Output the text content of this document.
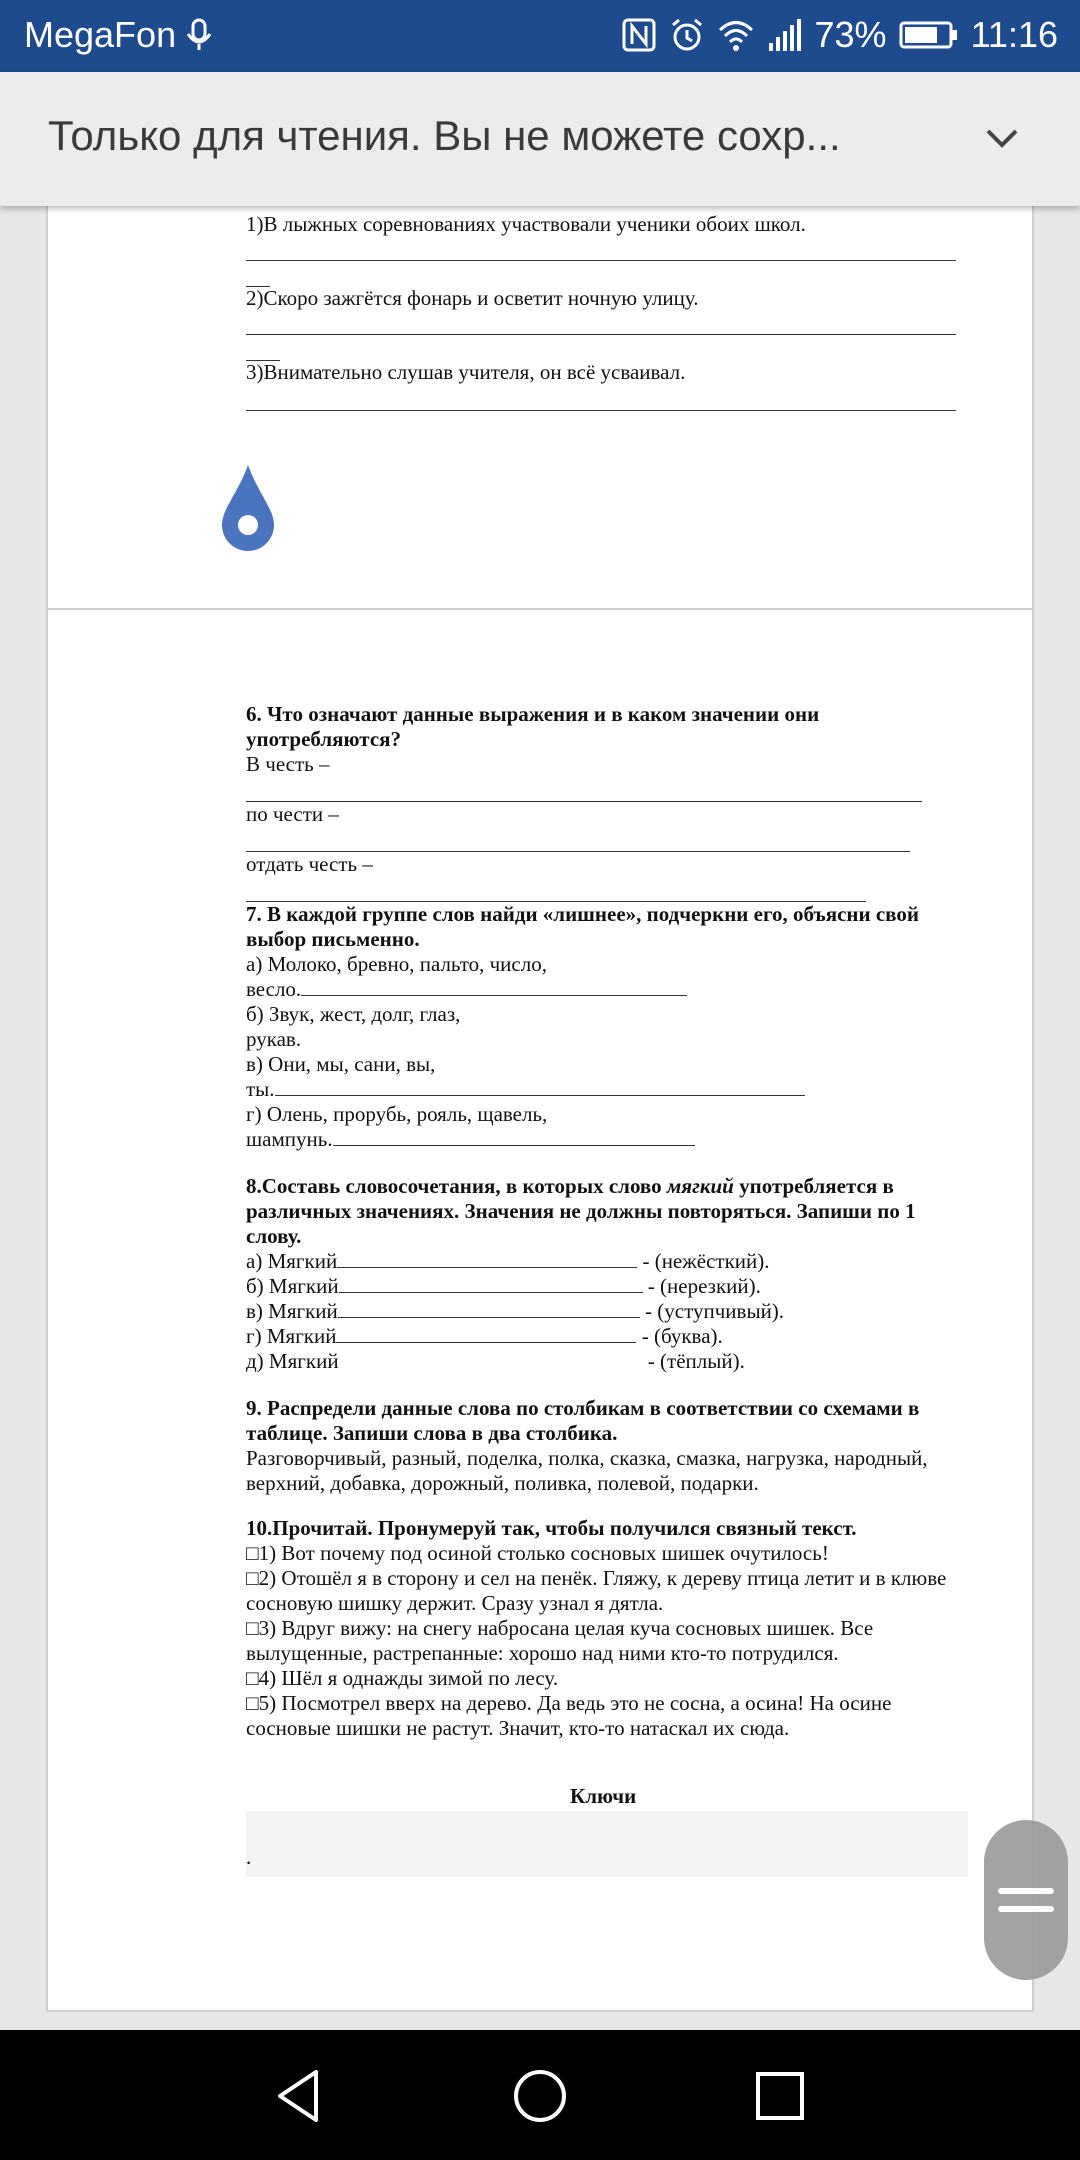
MegaFon	73% 11:16
Только для чтения. Вы не можете сохр...
1)В лыжных соревнованиях участвовали ученики обоих школ.
2)Скоро зажгётся фонарь и осветит ночную улицу.
3)Внимательно слушав учителя, он всё усваивал.
6. Что означают данные выражения и в каком значении они употребляются?
В честь –
по чести –
отдать честь –
7. В каждой группе слов найди «лишнее», подчеркни его, объясни свой выбор письменно.
а) Молоко, бревно, пальто, число,
весло.
б) Звук, жест, долг, глаз,
рукав.
в) Они, мы, сани, вы,
ты.
г) Олень, прорубь, рояль, щавель,
шампунь.
8.Составь словосочетания, в которых слово мягкий употребляется в различных значениях. Значения не должны повторяться. Запиши по 1 слову.
а) Мягкий	- (нежёсткий).
б) Мягкий	- (нерезкий).
в) Мягкий	- (уступчивый).
г) Мягкий	- (буква).
д) Мягкий	- (тёплый).
9. Распредели данные слова по столбикам в соответствии со схемами в таблице. Запиши слова в два столбика.
Разговорчивый, разный, поделка, полка, сказка, смазка, нагрузка, народный, верхний, добавка, дорожный, поливка, полевой, подарки.
10.Прочитай. Пронумеруй так, чтобы получился связный текст.
□1) Вот почему под осиной столько сосновых шишек очутилось!
□2) Отошёл я в сторону и сел на пенёк. Гляжу, к дереву птица летит и в клюве сосновую шишку держит. Сразу узнал я дятла.
□3) Вдруг вижу: на снегу набросана целая куча сосновых шишек. Все вылущенные, растрепанные: хорошо над ними кто-то потрудился.
□4) Шёл я однажды зимой по лесу.
□5) Посмотрел вверх на дерево. Да ведь это не сосна, а осина! На осине сосновые шишки не растут. Значит, кто-то натаскал их сюда.
Ключи
.
